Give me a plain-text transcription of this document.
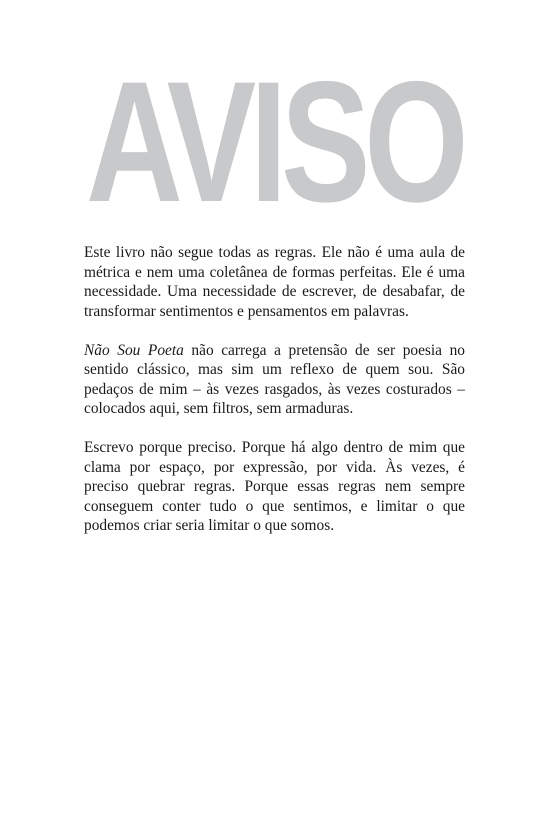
AVISO

Este livro não segue todas as regras. Ele não é uma aula de métrica e nem uma coletânea de formas perfeitas. Ele é uma necessidade. Uma necessidade de escrever, de desabafar, de transformar sentimentos e pensamentos em palavras.

Não Sou Poeta não carrega a pretensão de ser poesia no sentido clássico, mas sim um reflexo de quem sou. São pedaços de mim – às vezes rasgados, às vezes costurados – colocados aqui, sem filtros, sem armaduras.

Escrevo porque preciso. Porque há algo dentro de mim que clama por espaço, por expressão, por vida. Às vezes, é preciso quebrar regras. Porque essas regras nem sempre conseguem conter tudo o que sentimos, e limitar o que podemos criar seria limitar o que somos.
